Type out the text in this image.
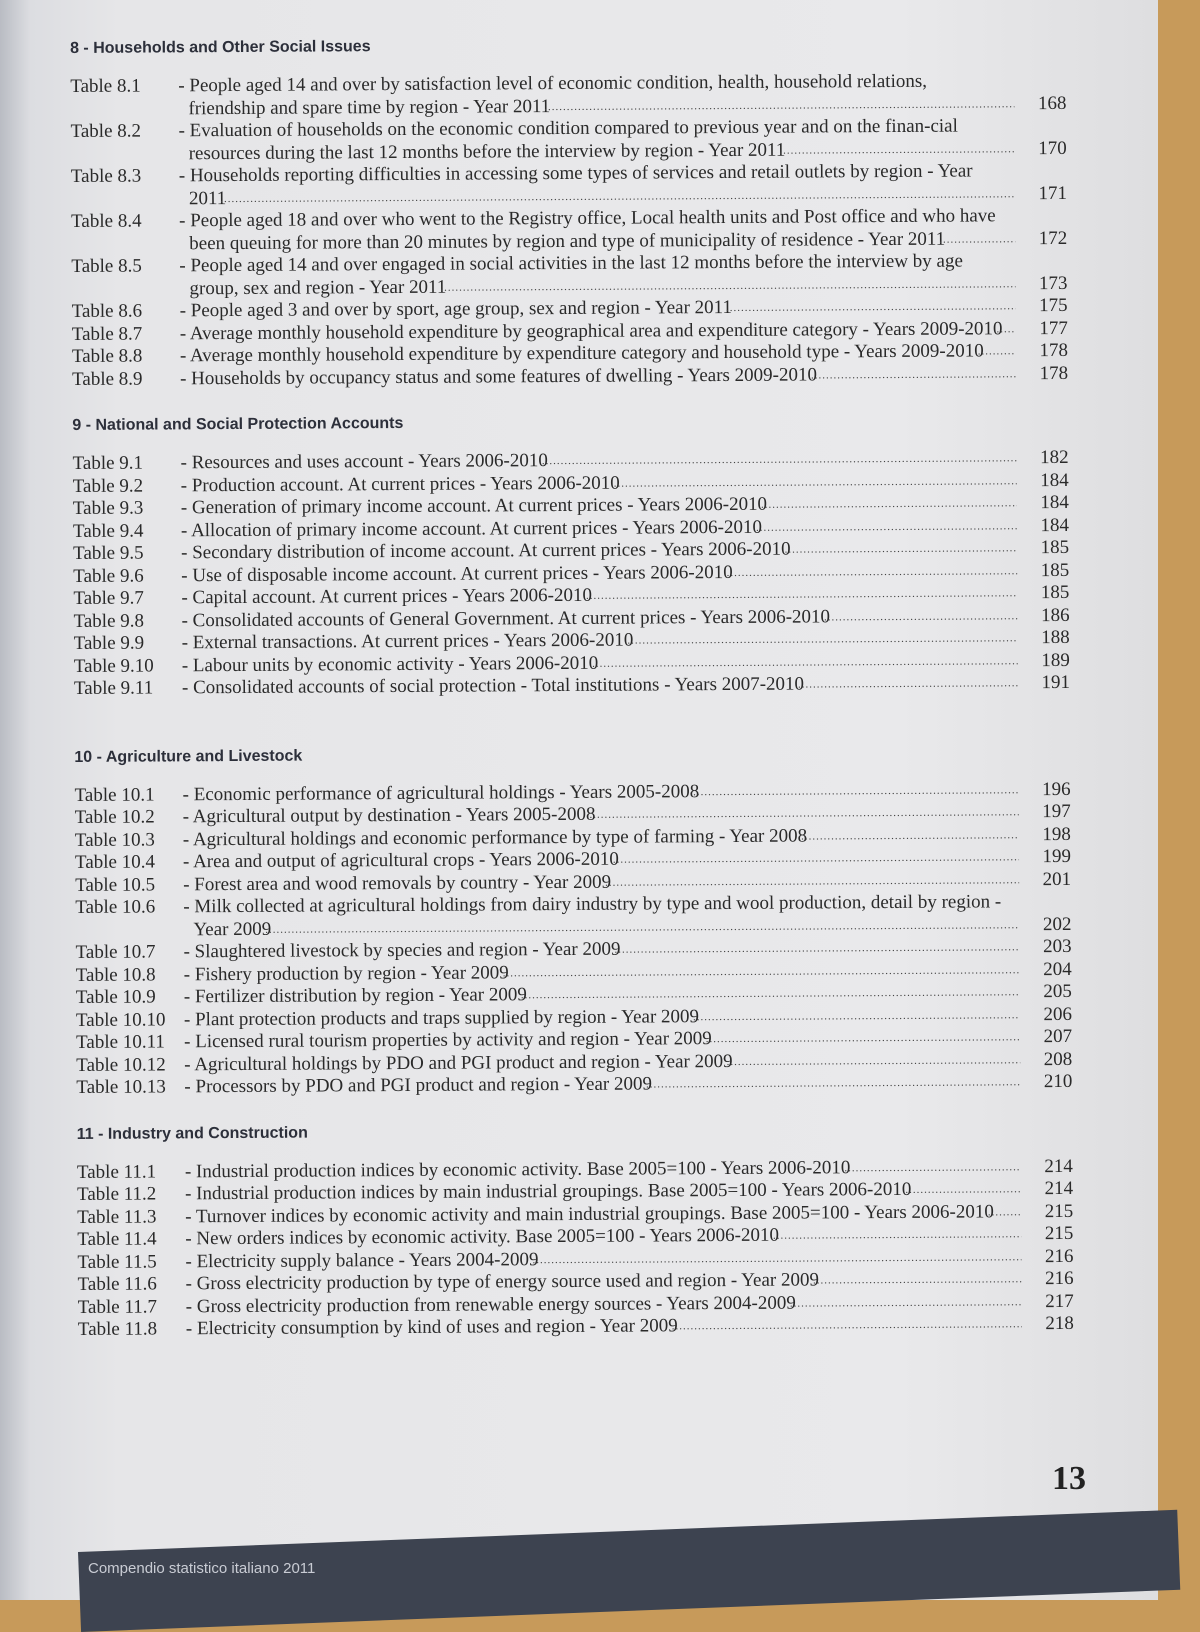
8 - Households and Other Social Issues
Table 8.1	- People aged 14 and over by satisfaction level of economic condition, health, household relations, friendship and spare time by region - Year 2011 .....	168
Table 8.2	- Evaluation of households on the economic condition compared to previous year and on the finan-cial resources during the last 12 months before the interview by region - Year 2011 .....	170
Table 8.3	- Households reporting difficulties in accessing some types of services and retail outlets by region - Year 2011 .....	171
Table 8.4	- People aged 18 and over who went to the Registry office, Local health units and Post office and who have been queuing for more than 20 minutes by region and type of municipality of residence - Year 2011 .....	172
Table 8.5	- People aged 14 and over engaged in social activities in the last 12 months before the interview by age group, sex and region - Year 2011 .....	173
Table 8.6	- People aged 3 and over by sport, age group, sex and region - Year 2011 .....	175
Table 8.7	- Average monthly household expenditure by geographical area and expenditure category - Years 2009-2010 .....	177
Table 8.8	- Average monthly household expenditure by expenditure category and household type - Years 2009-2010 .....	178
Table 8.9	- Households by occupancy status and some features of dwelling - Years 2009-2010 .....	178
9 - National and Social Protection Accounts
Table 9.1	- Resources and uses account - Years 2006-2010 .....	182
Table 9.2	- Production account. At current prices - Years 2006-2010 .....	184
Table 9.3	- Generation of primary income account. At current prices - Years 2006-2010 .....	184
Table 9.4	- Allocation of primary income account. At current prices - Years 2006-2010 .....	184
Table 9.5	- Secondary distribution of income account. At current prices - Years 2006-2010 .....	185
Table 9.6	- Use of disposable income account. At current prices - Years 2006-2010 .....	185
Table 9.7	- Capital account. At current prices - Years 2006-2010 .....	185
Table 9.8	- Consolidated accounts of General Government. At current prices - Years 2006-2010 .....	186
Table 9.9	- External transactions. At current prices - Years 2006-2010 .....	188
Table 9.10	- Labour units by economic activity - Years 2006-2010 .....	189
Table 9.11	- Consolidated accounts of social protection - Total institutions - Years 2007-2010 .....	191
10 - Agriculture and Livestock
Table 10.1	- Economic performance of agricultural holdings - Years 2005-2008 .....	196
Table 10.2	- Agricultural output by destination - Years 2005-2008 .....	197
Table 10.3	- Agricultural holdings and economic performance by type of farming - Year 2008 .....	198
Table 10.4	- Area and output of agricultural crops - Years 2006-2010 .....	199
Table 10.5	- Forest area and wood removals by country - Year 2009 .....	201
Table 10.6	- Milk collected at agricultural holdings from dairy industry by type and wool production, detail by region - Year 2009 .....	202
Table 10.7	- Slaughtered livestock by species and region - Year 2009 .....	203
Table 10.8	- Fishery production by region - Year 2009 .....	204
Table 10.9	- Fertilizer distribution by region - Year 2009 .....	205
Table 10.10 - Plant protection products and traps supplied by region - Year 2009 .....	206
Table 10.11	- Licensed rural tourism properties by activity and region - Year 2009 .....	207
Table 10.12 - Agricultural holdings by PDO and PGI product and region - Year 2009 .....	208
Table 10.13 - Processors by PDO and PGI product and region - Year 2009 .....	210
11 - Industry and Construction
Table 11.1	- Industrial production indices by economic activity. Base 2005=100 - Years 2006-2010 .....	214
Table 11.2	- Industrial production indices by main industrial groupings. Base 2005=100 - Years 2006-2010 .....	214
Table 11.3	- Turnover indices by economic activity and main industrial groupings. Base 2005=100 - Years 2006-2010 .....	215
Table 11.4	- New orders indices by economic activity. Base 2005=100 - Years 2006-2010 .....	215
Table 11.5	- Electricity supply balance - Years 2004-2009 .....	216
Table 11.6	- Gross electricity production by type of energy source used and region - Year 2009 .....	216
Table 11.7	- Gross electricity production from renewable energy sources - Years 2004-2009 .....	217
Table 11.8	- Electricity consumption by kind of uses and region - Year 2009 .....	218
Compendio statistico italiano 2011
13
